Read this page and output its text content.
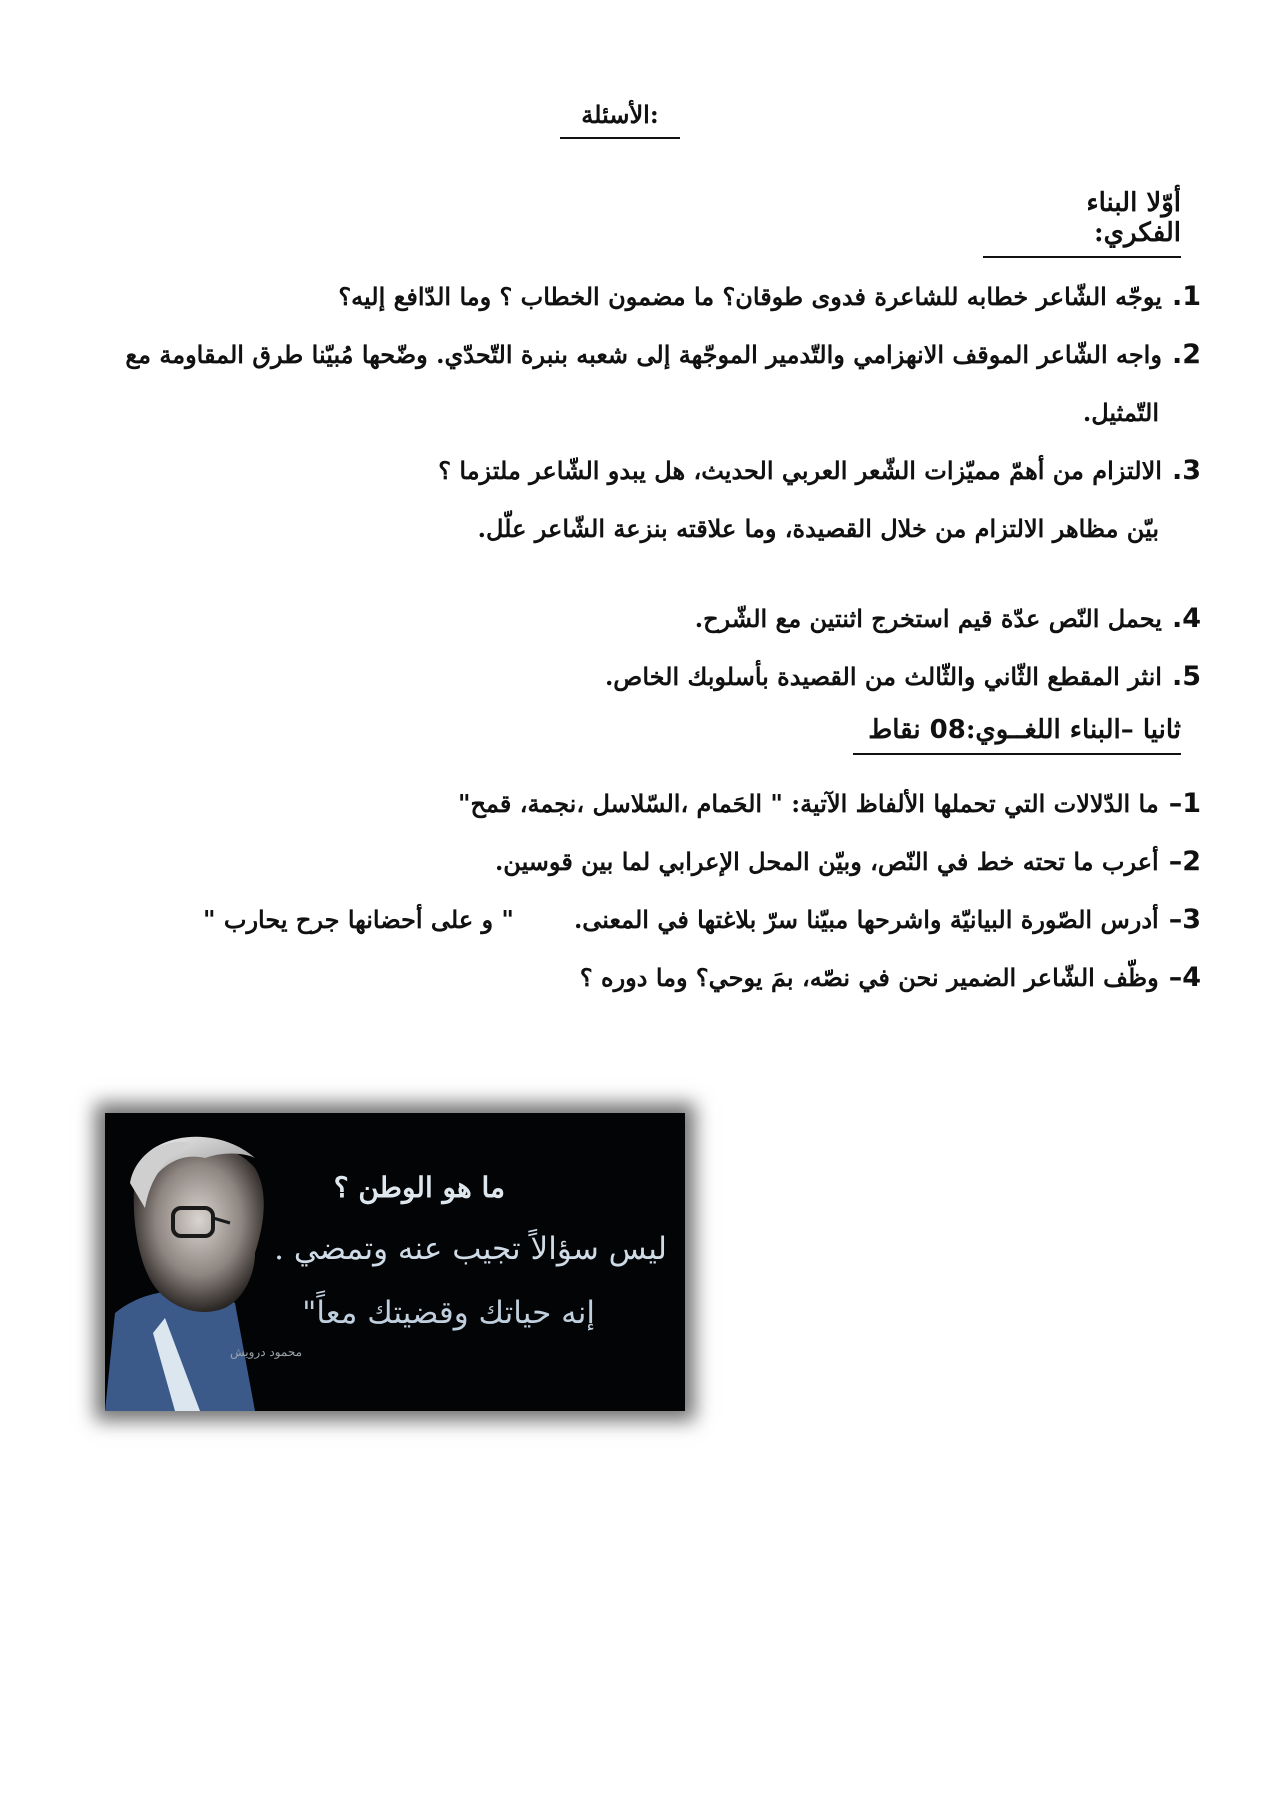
الأسئلة:
أوّلا البناء الفكري:
1.يوجّه الشّاعر خطابه للشاعرة فدوى طوقان؟ ما مضمون الخطاب ؟ وما الدّافع إليه؟
2.واجه الشّاعر الموقف الانهزامي والتّدمير الموجّهة إلى شعبه بنبرة التّحدّي. وضّحها مُبيّنا طرق المقاومة مع
التّمثيل.
3.الالتزام من أهمّ مميّزات الشّعر العربي الحديث، هل يبدو الشّاعر ملتزما ؟
بيّن مظاهر الالتزام من خلال القصيدة، وما علاقته بنزعة الشّاعر علّل.
4.يحمل النّص عدّة قيم استخرج اثنتين مع الشّرح.
5.انثر المقطع الثّاني والثّالث من القصيدة بأسلوبك الخاص.
ثانيا –البناء اللغــوي:08 نقاط
1–ما الدّلالات التي تحملها الألفاظ الآتية: " الحَمام ،السّلاسل ،نجمة، قمح"
2–أعرب ما تحته خط في النّص، وبيّن المحل الإعرابي لما بين قوسين.
3–أدرس الصّورة البيانيّة واشرحها مبيّنا سرّ بلاغتها في المعنى." و على أحضانها جرح يحارب "
4–وظّف الشّاعر الضمير نحن في نصّه، بمَ يوحي؟ وما دوره ؟
ما هو الوطن ؟
ليس سؤالاً تجيب عنه وتمضي .
إنه حياتك وقضيتك معاً"
محمود درويش
